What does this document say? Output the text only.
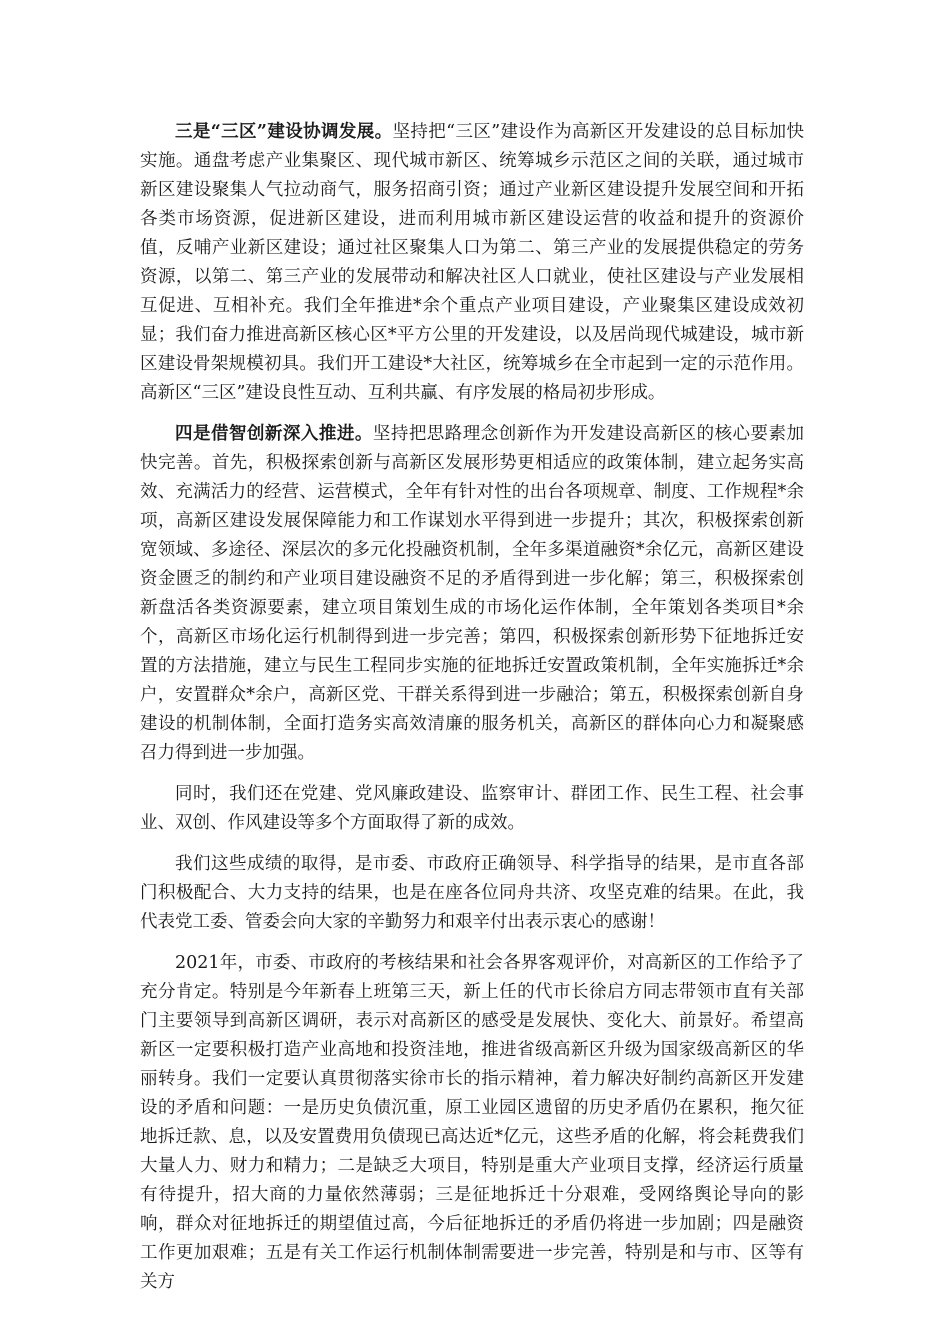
三是“三区”建设协调发展。坚持把“三区”建设作为高新区开发建设的总目标加快实施。通盘考虑产业集聚区、现代城市新区、统筹城乡示范区之间的关联，通过城市新区建设聚集人气拉动商气，服务招商引资；通过产业新区建设提升发展空间和开拓各类市场资源，促进新区建设，进而利用城市新区建设运营的收益和提升的资源价值，反哺产业新区建设；通过社区聚集人口为第二、第三产业的发展提供稳定的劳务资源，以第二、第三产业的发展带动和解决社区人口就业，使社区建设与产业发展相互促进、互相补充。我们全年推进*余个重点产业项目建设，产业聚集区建设成效初显；我们奋力推进高新区核心区*平方公里的开发建设，以及居尚现代城建设，城市新区建设骨架规模初具。我们开工建设*大社区，统筹城乡在全市起到一定的示范作用。高新区“三区”建设良性互动、互利共赢、有序发展的格局初步形成。

四是借智创新深入推进。坚持把思路理念创新作为开发建设高新区的核心要素加快完善。首先，积极探索创新与高新区发展形势更相适应的政策体制，建立起务实高效、充满活力的经营、运营模式，全年有针对性的出台各项规章、制度、工作规程*余项，高新区建设发展保障能力和工作谋划水平得到进一步提升；其次，积极探索创新宽领域、多途径、深层次的多元化投融资机制，全年多渠道融资*余亿元，高新区建设资金匮乏的制约和产业项目建设融资不足的矛盾得到进一步化解；第三，积极探索创新盘活各类资源要素，建立项目策划生成的市场化运作体制，全年策划各类项目*余个，高新区市场化运行机制得到进一步完善；第四，积极探索创新形势下征地拆迁安置的方法措施，建立与民生工程同步实施的征地拆迁安置政策机制，全年实施拆迁*余户，安置群众*余户，高新区党、干群关系得到进一步融洽；第五，积极探索创新自身建设的机制体制，全面打造务实高效清廉的服务机关，高新区的群体向心力和凝聚感召力得到进一步加强。

同时，我们还在党建、党风廉政建设、监察审计、群团工作、民生工程、社会事业、双创、作风建设等多个方面取得了新的成效。

我们这些成绩的取得，是市委、市政府正确领导、科学指导的结果，是市直各部门积极配合、大力支持的结果，也是在座各位同舟共济、攻坚克难的结果。在此，我代表党工委、管委会向大家的辛勤努力和艰辛付出表示衷心的感谢！

2021年，市委、市政府的考核结果和社会各界客观评价，对高新区的工作给予了充分肯定。特别是今年新春上班第三天，新上任的代市长徐启方同志带领市直有关部门主要领导到高新区调研，表示对高新区的感受是发展快、变化大、前景好。希望高新区一定要积极打造产业高地和投资洼地，推进省级高新区升级为国家级高新区的华丽转身。我们一定要认真贯彻落实徐市长的指示精神，着力解决好制约高新区开发建设的矛盾和问题：一是历史负债沉重，原工业园区遗留的历史矛盾仍在累积，拖欠征地拆迁款、息，以及安置费用负债现已高达近*亿元，这些矛盾的化解，将会耗费我们大量人力、财力和精力；二是缺乏大项目，特别是重大产业项目支撑，经济运行质量有待提升，招大商的力量依然薄弱；三是征地拆迁十分艰难，受网络舆论导向的影响，群众对征地拆迁的期望值过高，今后征地拆迁的矛盾仍将进一步加剧；四是融资工作更加艰难；五是有关工作运行机制体制需要进一步完善，特别是和与市、区等有关方
